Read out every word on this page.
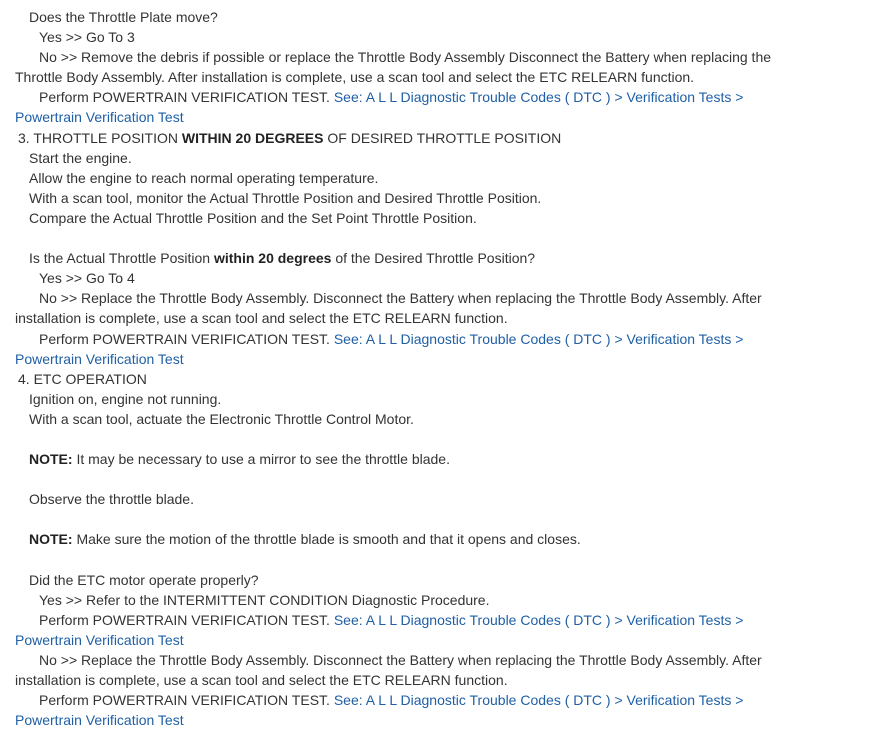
Does the Throttle Plate move?
Yes >> Go To 3
No >> Remove the debris if possible or replace the Throttle Body Assembly Disconnect the Battery when replacing the
Throttle Body Assembly. After installation is complete, use a scan tool and select the ETC RELEARN function.
Perform POWERTRAIN VERIFICATION TEST. See: A L L Diagnostic Trouble Codes ( DTC ) > Verification Tests >
Powertrain Verification Test
3. THROTTLE POSITION WITHIN 20 DEGREES OF DESIRED THROTTLE POSITION
Start the engine.
Allow the engine to reach normal operating temperature.
With a scan tool, monitor the Actual Throttle Position and Desired Throttle Position.
Compare the Actual Throttle Position and the Set Point Throttle Position.
Is the Actual Throttle Position within 20 degrees of the Desired Throttle Position?
Yes >> Go To 4
No >> Replace the Throttle Body Assembly. Disconnect the Battery when replacing the Throttle Body Assembly. After
installation is complete, use a scan tool and select the ETC RELEARN function.
Perform POWERTRAIN VERIFICATION TEST. See: A L L Diagnostic Trouble Codes ( DTC ) > Verification Tests >
Powertrain Verification Test
4. ETC OPERATION
Ignition on, engine not running.
With a scan tool, actuate the Electronic Throttle Control Motor.
NOTE: It may be necessary to use a mirror to see the throttle blade.
Observe the throttle blade.
NOTE: Make sure the motion of the throttle blade is smooth and that it opens and closes.
Did the ETC motor operate properly?
Yes >> Refer to the INTERMITTENT CONDITION Diagnostic Procedure.
Perform POWERTRAIN VERIFICATION TEST. See: A L L Diagnostic Trouble Codes ( DTC ) > Verification Tests >
Powertrain Verification Test
No >> Replace the Throttle Body Assembly. Disconnect the Battery when replacing the Throttle Body Assembly. After
installation is complete, use a scan tool and select the ETC RELEARN function.
Perform POWERTRAIN VERIFICATION TEST. See: A L L Diagnostic Trouble Codes ( DTC ) > Verification Tests >
Powertrain Verification Test
